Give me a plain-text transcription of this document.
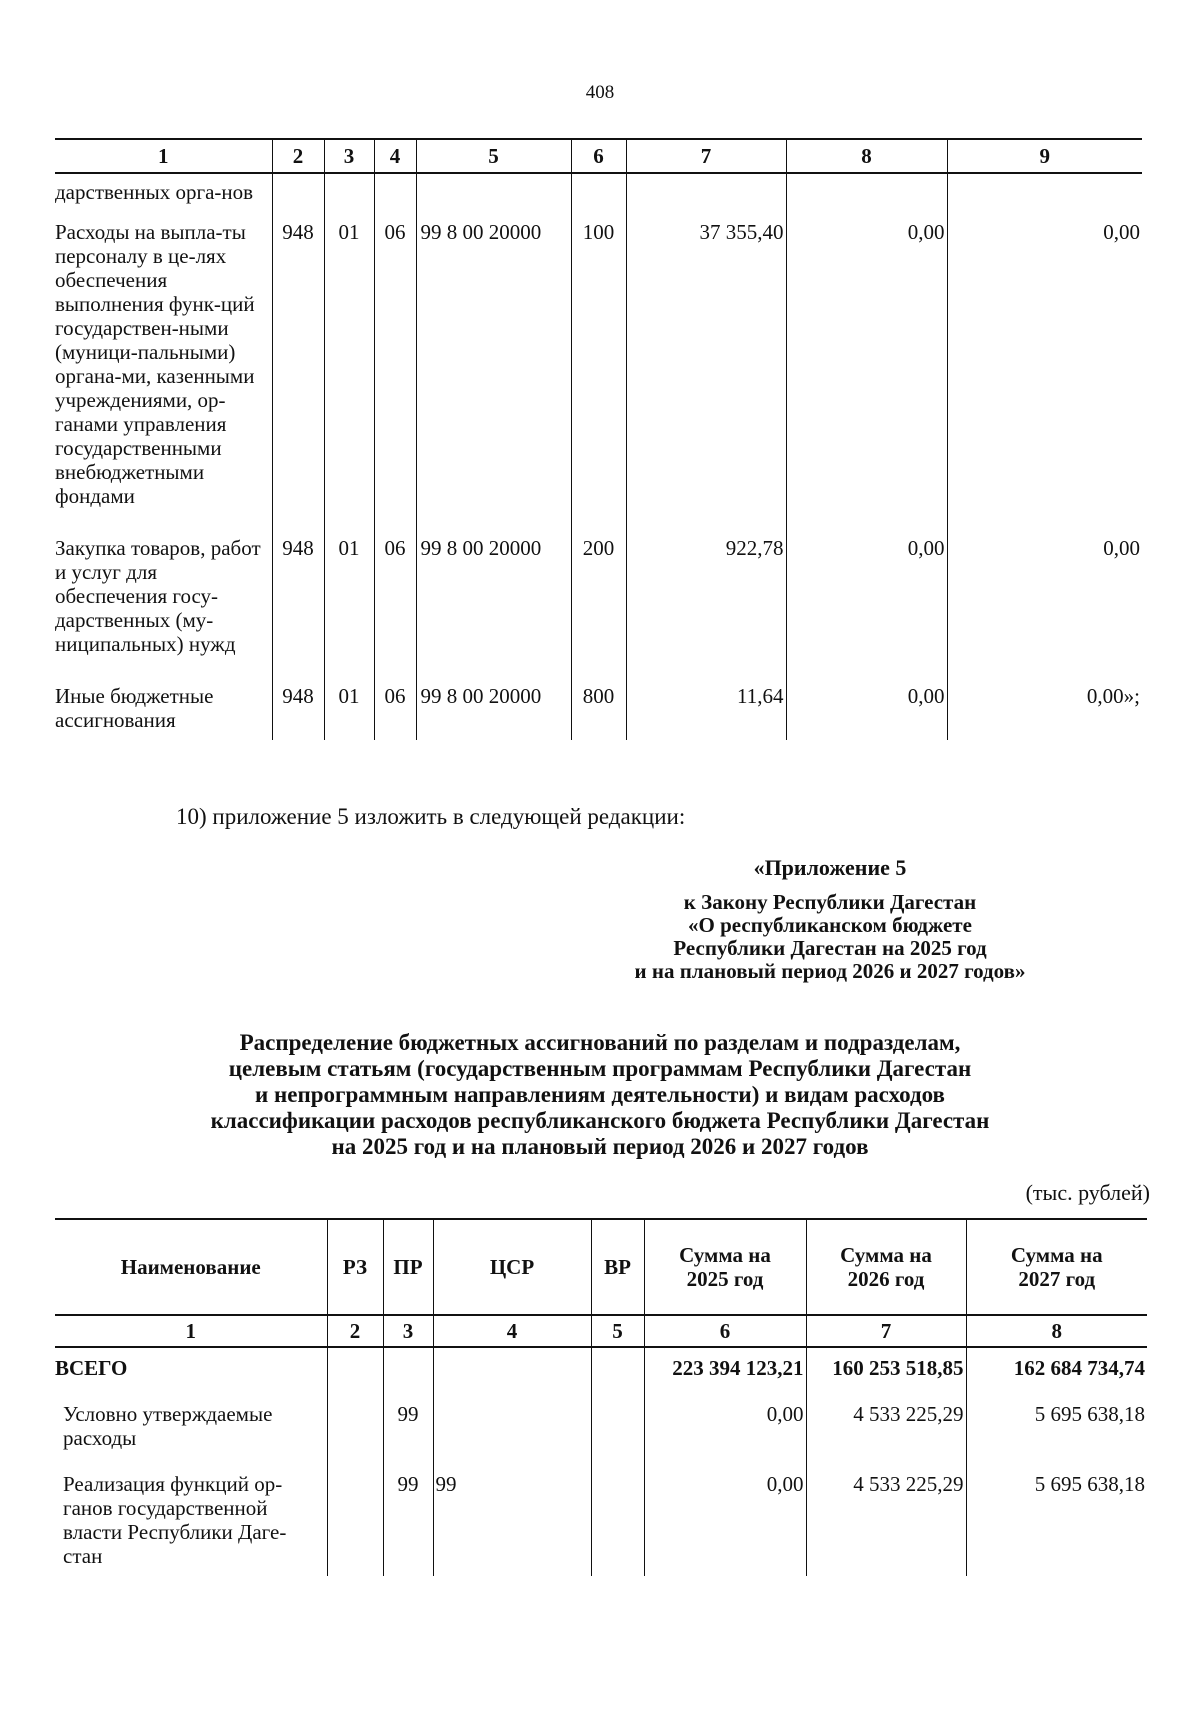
408
1	2	3	4	5	6	7	8	9
дарственных орга-нов								
Расходы на выпла-ты персоналу в це-лях обеспечения выполнения функ-ций государствен-ными (муници-пальными) органа-ми, казенными учреждениями, ор-ганами управления государственными внебюджетными фондами	948	01	06	99 8 00 20000	100	37 355,40	0,00	0,00
Закупка товаров, работ и услуг для обеспечения госу-дарственных (му-ниципальных) нужд	948	01	06	99 8 00 20000	200	922,78	0,00	0,00
Иные бюджетные ассигнования	948	01	06	99 8 00 20000	800	11,64	0,00	0,00»;
10) приложение 5 изложить в следующей редакции:
«Приложение 5
к Закону Республики Дагестан
«О республиканском бюджете
Республики Дагестан на 2025 год
и на плановый период 2026 и 2027 годов»
Распределение бюджетных ассигнований по разделам и подразделам,
целевым статьям (государственным программам Республики Дагестан
и непрограммным направлениям деятельности) и видам расходов
классификации расходов республиканского бюджета Республики Дагестан
на 2025 год и на плановый период 2026 и 2027 годов
(тыс. рублей)
Наименование	РЗ	ПР	ЦСР	ВР	Сумма на 2025 год	Сумма на 2026 год	Сумма на 2027 год
1	2	3	4	5	6	7	8
ВСЕГО					223 394 123,21	160 253 518,85	162 684 734,74
Условно утверждаемые расходы		99			0,00	4 533 225,29	5 695 638,18
Реализация функций ор-ганов государственной власти Республики Даге-стан		99	99		0,00	4 533 225,29	5 695 638,18
